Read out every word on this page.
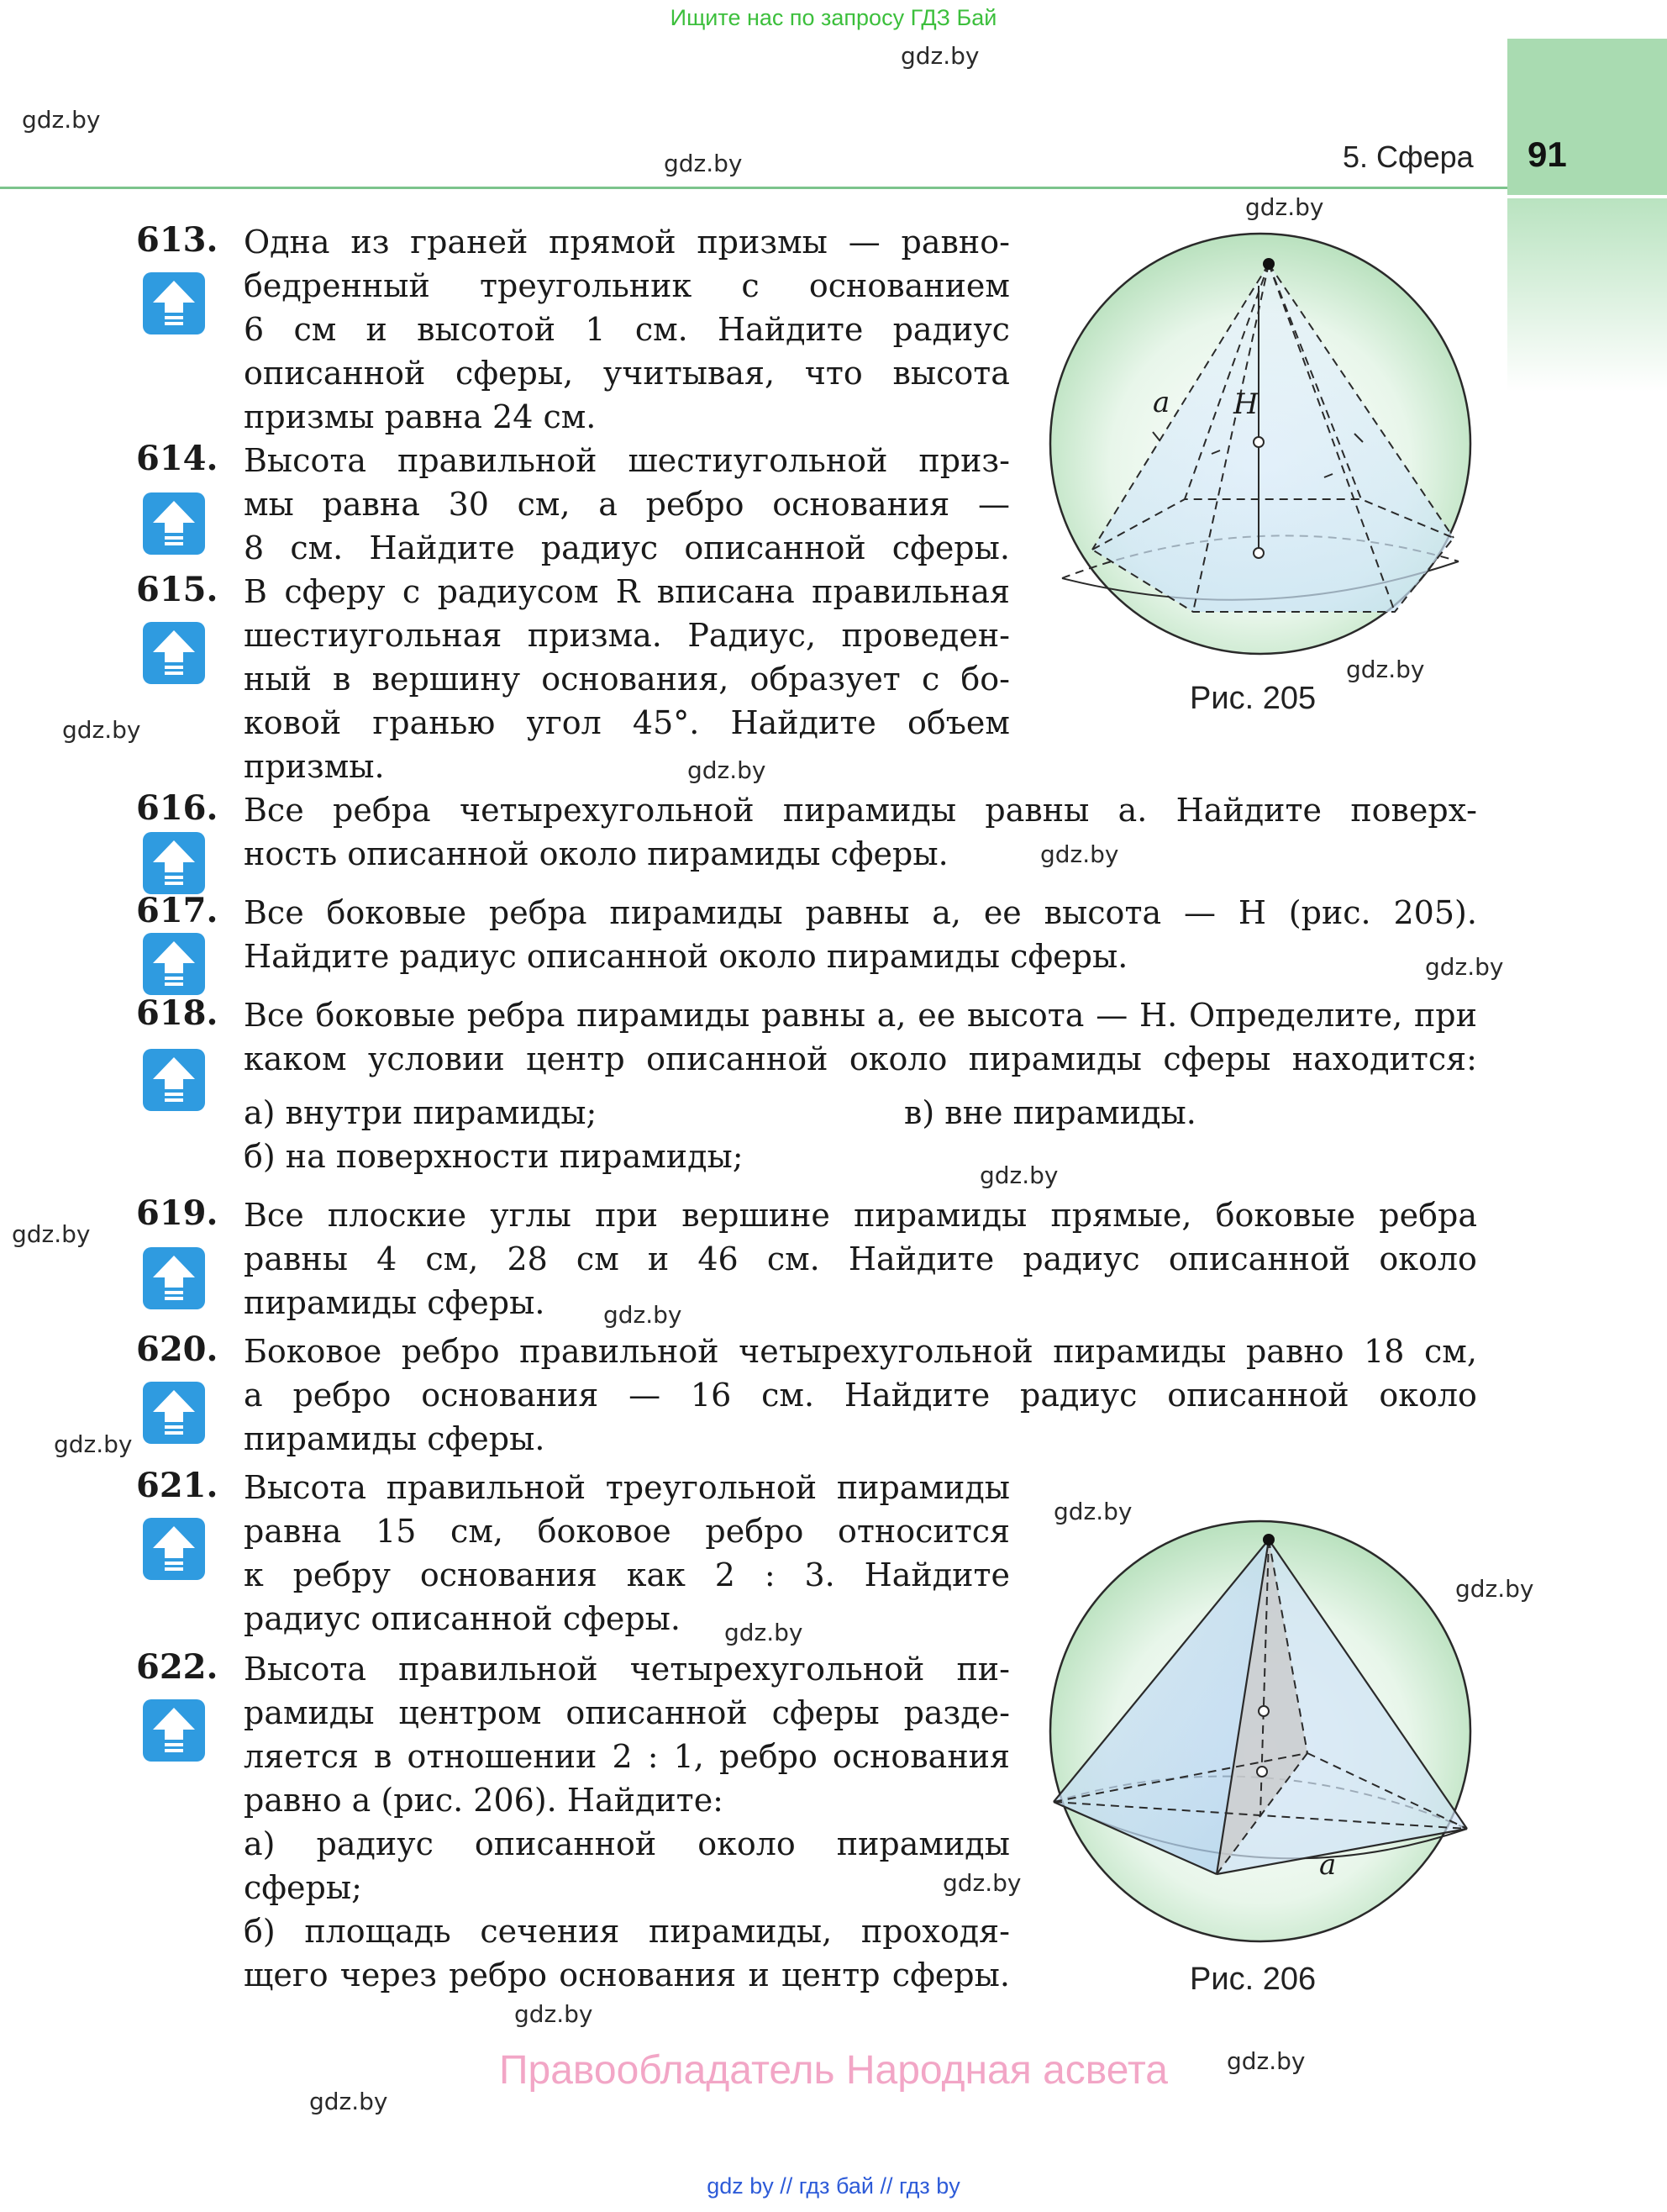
Ищите нас по запросу ГДЗ Бай
5. Сфера 91
gdz.by
gdz.by
gdz.by
gdz.by
gdz.by
gdz.by
gdz.by
gdz.by
gdz.by
gdz.by
gdz.by
gdz.by
gdz.by
gdz.by
gdz.by
gdz.by
gdz.by
gdz.by
gdz.by
gdz.by
613. Одна из граней прямой призмы — равно-
бедренный треугольник с основанием
6 см и высотой 1 см. Найдите радиус
описанной сферы, учитывая, что высота
призмы равна 24 см.
614. Высота правильной шестиугольной приз-
мы равна 30 см, а ребро основания —
8 см. Найдите радиус описанной сферы.
615. В сферу с радиусом R вписана правильная
шестиугольная призма. Радиус, проведен-
ный в вершину основания, образует с бо-
ковой гранью угол 45°. Найдите объем
призмы.
616. Все ребра четырехугольной пирамиды равны a. Найдите поверх-
ность описанной около пирамиды сферы.
617. Все боковые ребра пирамиды равны a, ее высота — H (рис. 205).
Найдите радиус описанной около пирамиды сферы.
618. Все боковые ребра пирамиды равны a, ее высота — H. Определите, при
каком условии центр описанной около пирамиды сферы находится:
а) внутри пирамиды;	в) вне пирамиды.
б) на поверхности пирамиды;
619. Все плоские углы при вершине пирамиды прямые, боковые ребра
равны 4 см, 28 см и 46 см. Найдите радиус описанной около
пирамиды сферы.
620. Боковое ребро правильной четырехугольной пирамиды равно 18 см,
а ребро основания — 16 см. Найдите радиус описанной около
пирамиды сферы.
621. Высота правильной треугольной пирамиды
равна 15 см, боковое ребро относится
к ребру основания как 2 : 3. Найдите
радиус описанной сферы.
622. Высота правильной четырехугольной пи-
рамиды центром описанной сферы разде-
ляется в отношении 2 : 1, ребро основания
равно a (рис. 206). Найдите:
а) радиус описанной около пирамиды
сферы;
б) площадь сечения пирамиды, проходя-
щего через ребро основания и центр сферы.
a H
Рис. 205
a
Рис. 206
Правообладатель Народная асвета
gdz by // гдз бай // гдз by
